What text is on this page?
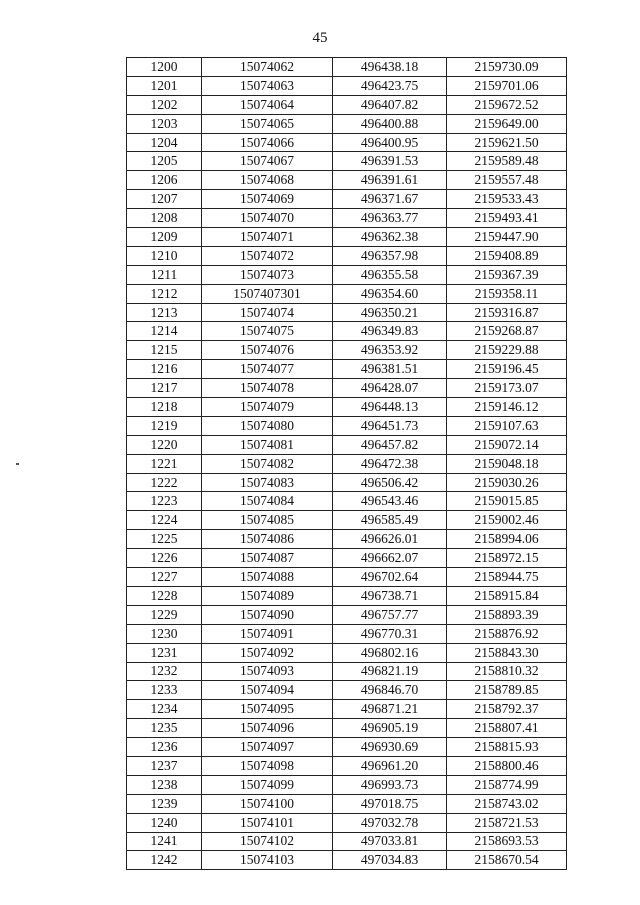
45
1200	15074062	496438.18	2159730.09
1201	15074063	496423.75	2159701.06
1202	15074064	496407.82	2159672.52
1203	15074065	496400.88	2159649.00
1204	15074066	496400.95	2159621.50
1205	15074067	496391.53	2159589.48
1206	15074068	496391.61	2159557.48
1207	15074069	496371.67	2159533.43
1208	15074070	496363.77	2159493.41
1209	15074071	496362.38	2159447.90
1210	15074072	496357.98	2159408.89
1211	15074073	496355.58	2159367.39
1212	1507407301	496354.60	2159358.11
1213	15074074	496350.21	2159316.87
1214	15074075	496349.83	2159268.87
1215	15074076	496353.92	2159229.88
1216	15074077	496381.51	2159196.45
1217	15074078	496428.07	2159173.07
1218	15074079	496448.13	2159146.12
1219	15074080	496451.73	2159107.63
1220	15074081	496457.82	2159072.14
1221	15074082	496472.38	2159048.18
1222	15074083	496506.42	2159030.26
1223	15074084	496543.46	2159015.85
1224	15074085	496585.49	2159002.46
1225	15074086	496626.01	2158994.06
1226	15074087	496662.07	2158972.15
1227	15074088	496702.64	2158944.75
1228	15074089	496738.71	2158915.84
1229	15074090	496757.77	2158893.39
1230	15074091	496770.31	2158876.92
1231	15074092	496802.16	2158843.30
1232	15074093	496821.19	2158810.32
1233	15074094	496846.70	2158789.85
1234	15074095	496871.21	2158792.37
1235	15074096	496905.19	2158807.41
1236	15074097	496930.69	2158815.93
1237	15074098	496961.20	2158800.46
1238	15074099	496993.73	2158774.99
1239	15074100	497018.75	2158743.02
1240	15074101	497032.78	2158721.53
1241	15074102	497033.81	2158693.53
1242	15074103	497034.83	2158670.54
